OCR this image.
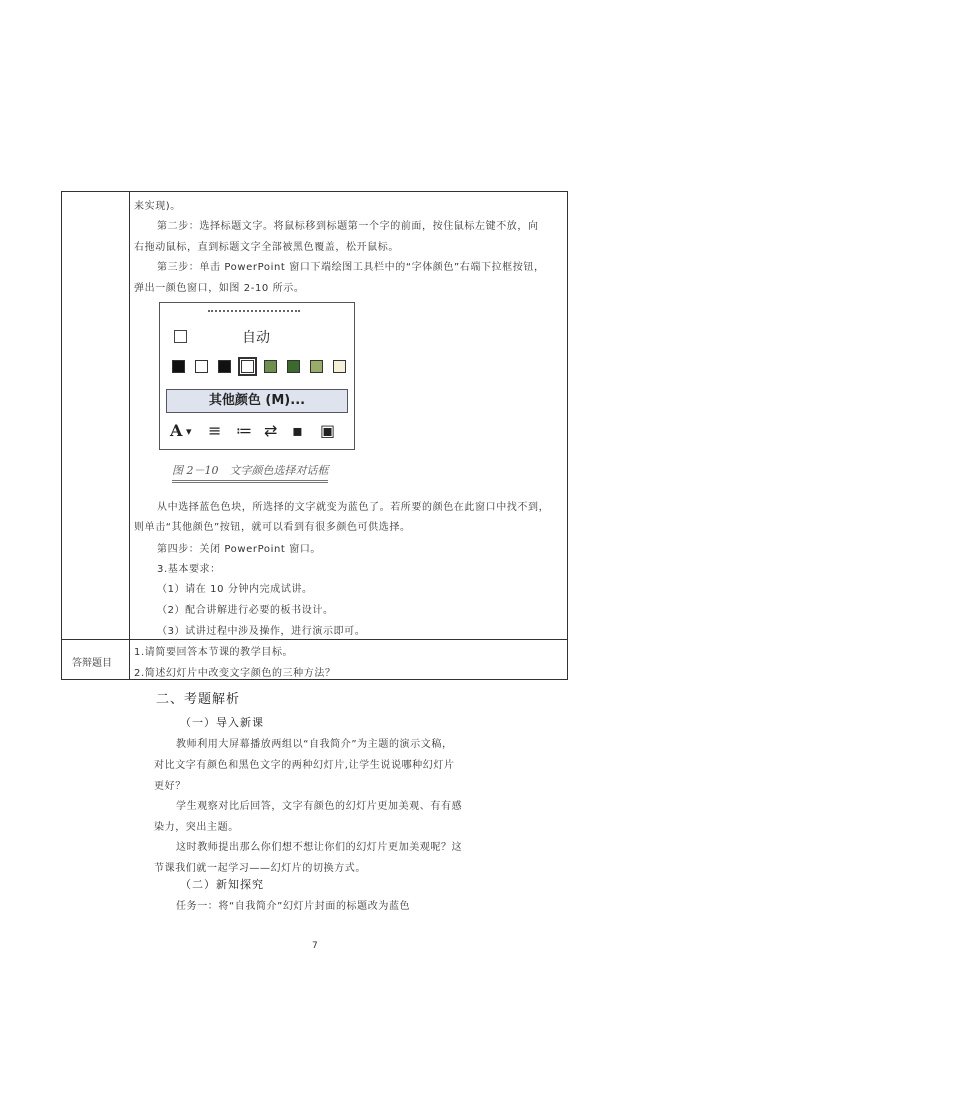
答辩题目
来实现)。
第二步：选择标题文字。将鼠标移到标题第一个字的前面，按住鼠标左键不放，向
右拖动鼠标，直到标题文字全部被黑色覆盖，松开鼠标。
第三步：单击 PowerPoint 窗口下端绘图工具栏中的“字体颜色”右端下拉框按钮，
弹出一颜色窗口，如图 2-10 所示。
自动
其他颜色 (M)...
A ▾ ≡ ≔ ⇄ ▪ ▣
图 2－10　文字颜色选择对话框
从中选择蓝色色块，所选择的文字就变为蓝色了。若所要的颜色在此窗口中找不到，
则单击“其他颜色”按钮，就可以看到有很多颜色可供选择。
第四步：关闭 PowerPoint 窗口。
3.基本要求：
（1）请在 10 分钟内完成试讲。
（2）配合讲解进行必要的板书设计。
（3）试讲过程中涉及操作，进行演示即可。
1.请简要回答本节课的教学目标。
2.简述幻灯片中改变文字颜色的三种方法？
二、考题解析
（一）导入新课
教师利用大屏幕播放两组以“自我简介”为主题的演示文稿，
对比文字有颜色和黑色文字的两种幻灯片,让学生说说哪种幻灯片
更好？
学生观察对比后回答，文字有颜色的幻灯片更加美观、有有感
染力，突出主题。
这时教师提出那么你们想不想让你们的幻灯片更加美观呢？这
节课我们就一起学习——幻灯片的切换方式。
（二）新知探究
任务一：将“自我简介”幻灯片封面的标题改为蓝色
7
